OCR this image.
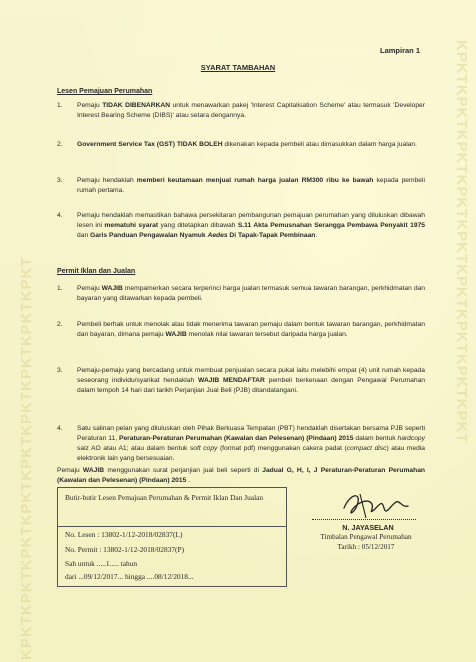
KPKTKPKTKPKTKPKTKPKTKPKTKPKTKPKTKPKT
KPKTKPKTKPKTKPKTKPKTKPKTKPKTKPKTKPKT
Lampiran 1
SYARAT TAMBAHAN
Lesen Pemajuan Perumahan
1. Pemaju TIDAK DIBENARKAN untuk menawarkan pakej 'Interest Capitalisation Scheme' atau termasuk 'Developer Interest Bearing Scheme (DIBS)' atau setara dengannya.
2. Government Service Tax (GST) TIDAK BOLEH dikenakan kepada pembeli atau dimasukkan dalam harga jualan.
3. Pemaju hendaklah memberi keutamaan menjual rumah harga jualan RM300 ribu ke bawah kepada pembeli rumah pertama.
4. Pemaju hendaklah memastikan bahawa persekitaran pembangunan pemajuan perumahan yang diluluskan dibawah lesen ini mematuhi syarat yang ditetapkan dibawah S.11 Akta Pemusnahan Serangga Pembawa Penyakit 1975 dan Garis Panduan Pengawalan Nyamuk Aedes Di Tapak-Tapak Pembinaan.
Permit Iklan dan Jualan
1. Pemaju WAJIB mempamerkan secara terperinci harga jualan termasuk semua tawaran barangan, perkhidmatan dan bayaran yang ditawarkan kepada pembeli.
2. Pembeli berhak untuk menolak atau tidak menerima tawaran pemaju dalam bentuk tawaran barangan, perkhidmatan dan bayaran, dimana pemaju WAJIB menolak nilai tawaran tersebut daripada harga jualan.
3. Pemaju-pemaju yang bercadang untuk membuat penjualan secara pukal iaitu melebihi empat (4) unit rumah kepada seseorang individu/syarikat hendaklah WAJIB MENDAFTAR pembeli berkenaan dengan Pengawal Perumahan dalam tempoh 14 hari dari tarikh Perjanjian Jual Beli (PJB) ditandatangani.
4. Satu salinan pelan yang diluluskan oleh Pihak Berkuasa Tempatan (PBT) hendaklah disertakan bersama PJB seperti Peraturan 11, Peraturan-Peraturan Perumahan (Kawalan dan Pelesenan) (Pindaan) 2015 dalam bentuk hardcopy saiz AO atau A1; atau dalam bentuk soft copy (format pdf) menggunakan cakera padat (compact disc) atau media elektronik lain yang bersesuaian.
Pemaju WAJIB menggunakan surat perjanjian jual beli seperti di Jadual G, H, I, J Peraturan-Peraturan Perumahan (Kawalan dan Pelesenan) (Pindaan) 2015 .
Butir-butir Lesen Pemajuan Perumahan & Permit Iklan Dan Jualan
No. Lesen : 13802-1/12-2018/02837(L)
No. Permit : 13802-1/12-2018/02837(P)
Sah untuk .....1..... tahun
dari ...09/12/2017... hingga ....08/12/2018...
N. JAYASELAN
Timbalan Pengawal Perumahan
Tarikh : 05/12/2017
